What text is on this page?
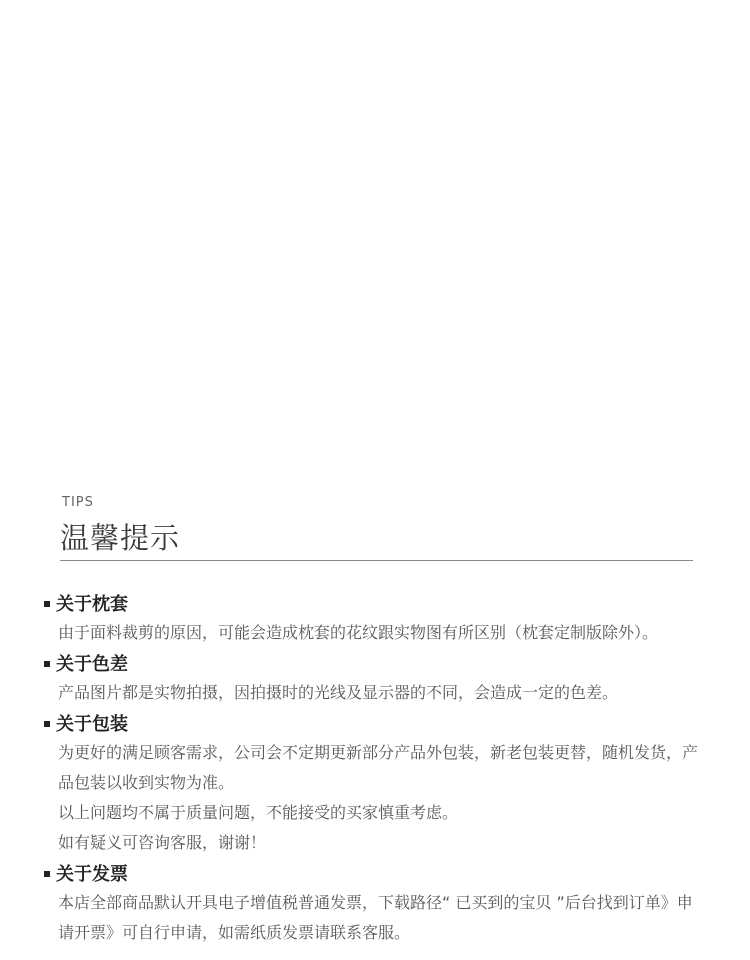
TIPS
温馨提示
关于枕套

由于面料裁剪的原因，可能会造成枕套的花纹跟实物图有所区别（枕套定制版除外）。

关于色差

产品图片都是实物拍摄，因拍摄时的光线及显示器的不同，会造成一定的色差。

关于包装

为更好的满足顾客需求，公司会不定期更新部分产品外包装，新老包装更替，随机发货，产品包装以收到实物为准。

以上问题均不属于质量问题，不能接受的买家慎重考虑。

如有疑义可咨询客服，谢谢！

关于发票

本店全部商品默认开具电子增值税普通发票，下载路径“ 已买到的宝贝 ”后台找到订单》申请开票》可自行申请，如需纸质发票请联系客服。
